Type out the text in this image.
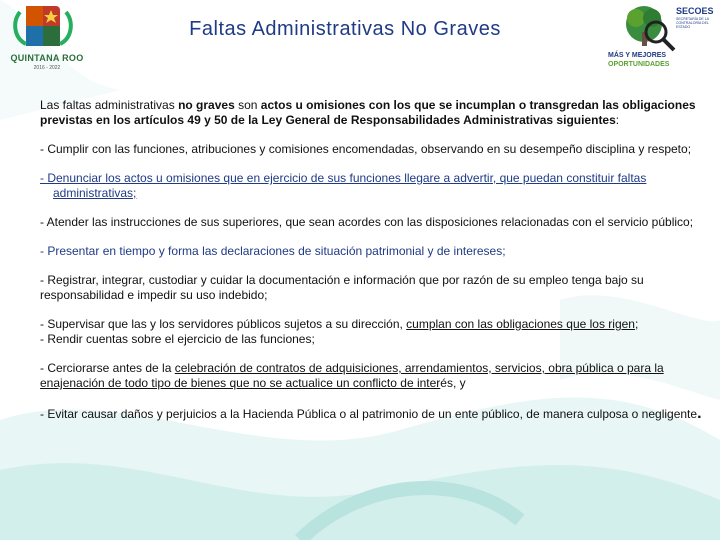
QUINTANA ROO
2016 - 2022
Faltas Administrativas No Graves
SECOES
SECRETARÍA DE LA CONTRALORÍA DEL ESTADO
MÁS Y MEJORES
OPORTUNIDADES

Las faltas administrativas no graves son actos u omisiones con los que se incumplan o transgredan las obligaciones previstas en los artículos 49 y 50 de la Ley General de Responsabilidades Administrativas siguientes:

- Cumplir con las funciones, atribuciones y comisiones encomendadas, observando en su desempeño disciplina y respeto;

- Denunciar los actos u omisiones que en ejercicio de sus funciones llegare a advertir, que puedan constituir faltas administrativas;

- Atender las instrucciones de sus superiores, que sean acordes con las disposiciones relacionadas con el servicio público;

- Presentar en tiempo y forma las declaraciones de situación patrimonial y de intereses;

- Registrar, integrar, custodiar y cuidar la documentación e información que por razón de su empleo tenga bajo su responsabilidad e impedir su uso indebido;

- Supervisar que las y los servidores públicos sujetos a su dirección, cumplan con las obligaciones que los rigen;

- Rendir cuentas sobre el ejercicio de las funciones;

- Cerciorarse antes de la celebración de contratos de adquisiciones, arrendamientos, servicios, obra pública o para la enajenación de todo tipo de bienes que no se actualice un conflicto de interés, y

- Evitar causar daños y perjuicios a la Hacienda Pública o al patrimonio de un ente público, de manera culposa o negligente.
